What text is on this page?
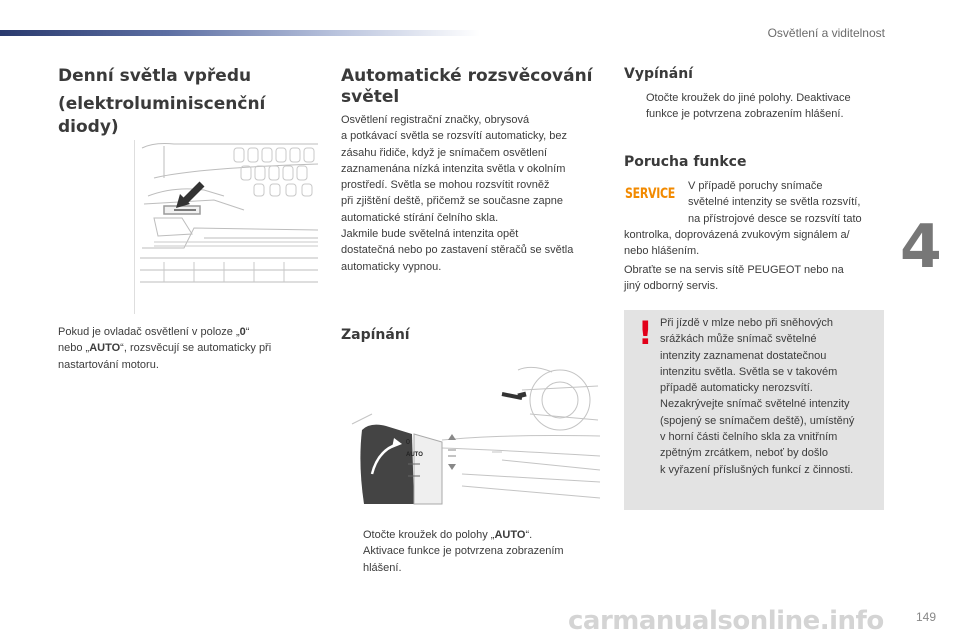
Osvětlení a viditelnost
4
Denní světla vpředu
(elektroluminiscenční
diody)
Pokud je ovladač osvětlení v poloze „0“
nebo „AUTO“, rozsvěcují se automaticky při
nastartování motoru.
Automatické rozsvěcování
světel
Osvětlení registrační značky, obrysová
a potkávací světla se rozsvítí automaticky, bez
zásahu řidiče, když je snímačem osvětlení
zaznamenána nízká intenzita světla v okolním
prostředí. Světla se mohou rozsvítit rovněž
při zjištění deště, přičemž se současne zapne
automatické stírání čelního skla.
Jakmile bude světelná intenzita opět
dostatečná nebo po zastavení stěračů se světla
automaticky vypnou.
Zapínání
0
AUTO
Otočte kroužek do polohy „AUTO“.
Aktivace funkce je potvrzena zobrazením
hlášení.
Vypínání
Otočte kroužek do jiné polohy. Deaktivace
funkce je potvrzena zobrazením hlášení.
Porucha funkce
SERVICE V případě poruchy snímače
světelné intenzity se světla rozsvítí,
na přístrojové desce se rozsvítí tato
kontrolka, doprovázená zvukovým signálem a/
nebo hlášením.
Obraťte se na servis sítě PEUGEOT nebo na
jiný odborný servis.
! Při jízdě v mlze nebo při sněhových
srážkách může snímač světelné
intenzity zaznamenat dostatečnou
intenzitu světla. Světla se v takovém
případě automaticky nerozsvítí.
Nezakrývejte snímač světelné intenzity
(spojený se snímačem deště), umístěný
v horní části čelního skla za vnitřním
zpětným zrcátkem, neboť by došlo
k vyřazení příslušných funkcí z činnosti.
carmanualsonline.info	149
